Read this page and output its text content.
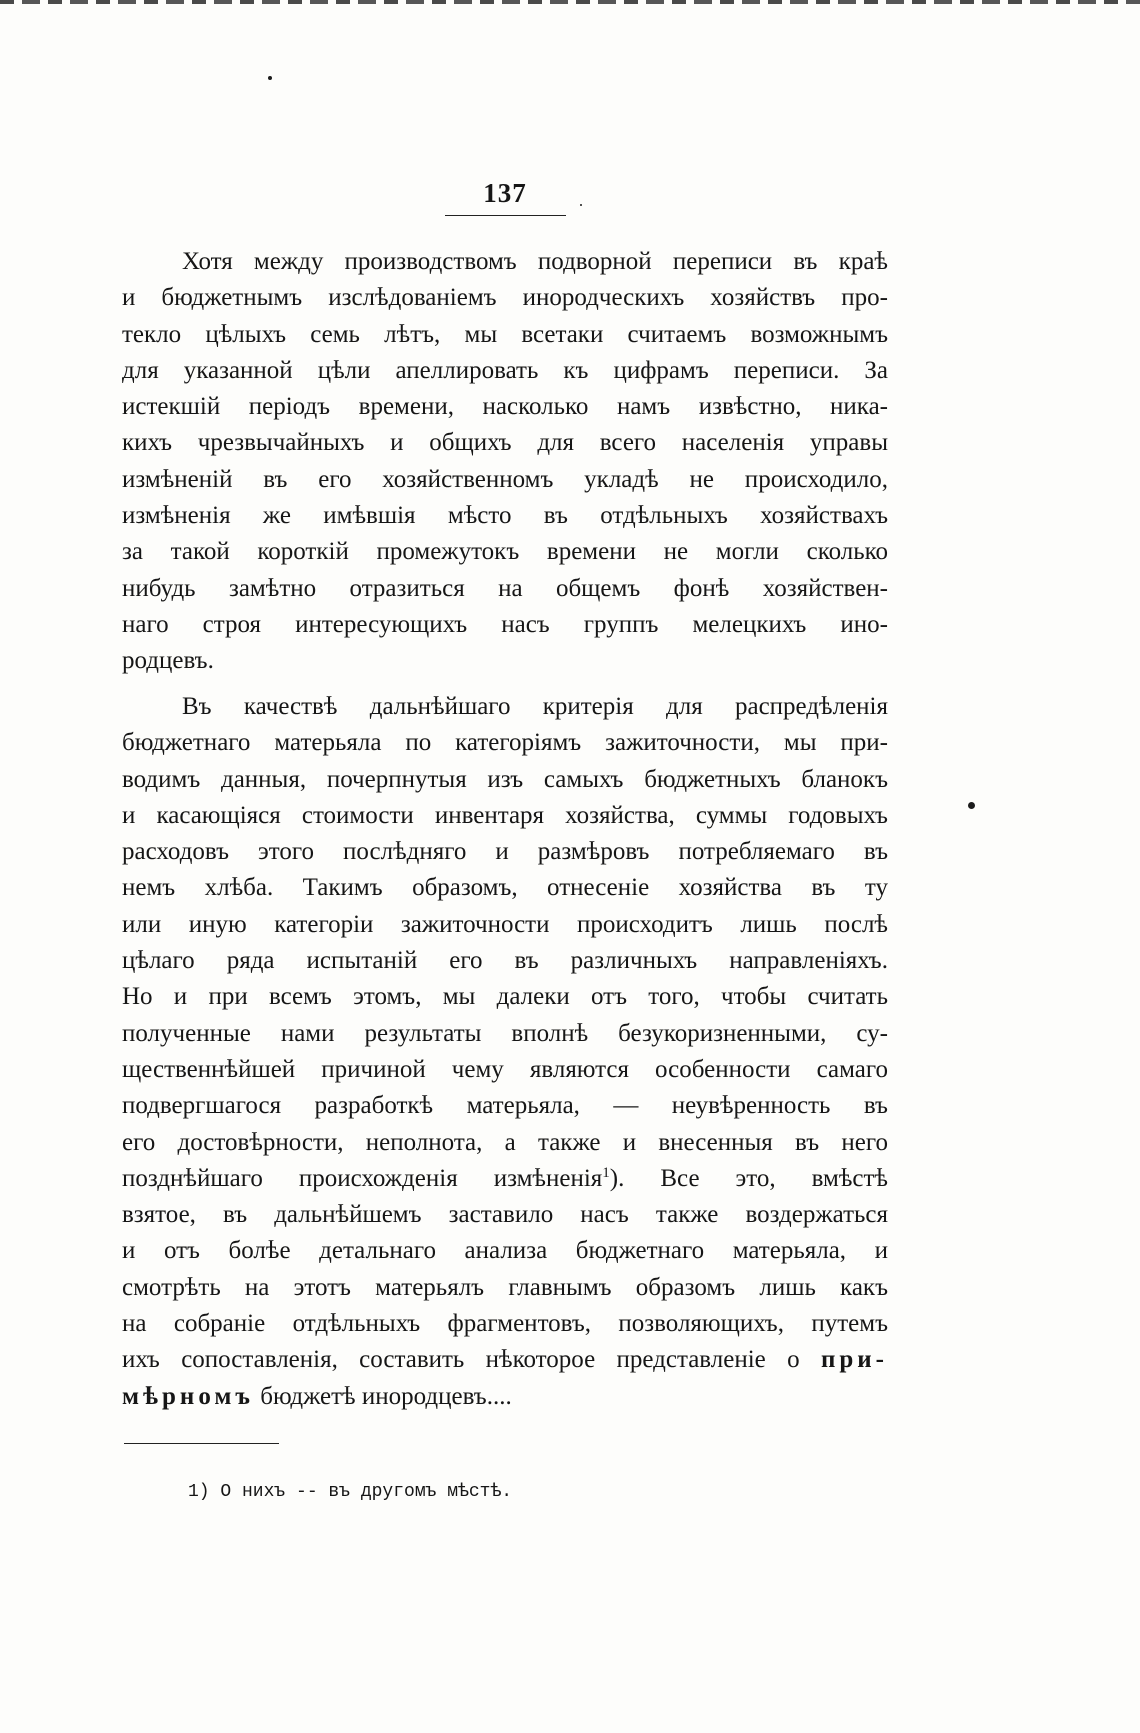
137
Хотя между производствомъ подворной переписи въ краѣ
и бюджетнымъ изслѣдованіемъ инородческихъ хозяйствъ про-
текло цѣлыхъ семь лѣтъ, мы всетаки считаемъ возможнымъ
для указанной цѣли апеллировать къ цифрамъ переписи. За
истекшій періодъ времени, насколько намъ извѣстно, ника-
кихъ чрезвычайныхъ и общихъ для всего населенія управы
измѣненій въ его хозяйственномъ укладѣ не происходило,
измѣненія же имѣвшія мѣсто въ отдѣльныхъ хозяйствахъ
за такой короткій промежутокъ времени не могли сколько
нибудь замѣтно отразиться на общемъ фонѣ хозяйствен-
наго строя интересующихъ насъ группъ мелецкихъ ино-
родцевъ.
Въ качествѣ дальнѣйшаго критерія для распредѣленія
бюджетнаго матерьяла по категоріямъ зажиточности, мы при-
водимъ данныя, почерпнутыя изъ самыхъ бюджетныхъ бланокъ
и касающіяся стоимости инвентаря хозяйства, суммы годовыхъ
расходовъ этого послѣдняго и размѣровъ потребляемаго въ
немъ хлѣба. Такимъ образомъ, отнесеніе хозяйства въ ту
или иную категоріи зажиточности происходитъ лишь послѣ
цѣлаго ряда испытаній его въ различныхъ направленіяхъ.
Но и при всемъ этомъ, мы далеки отъ того, чтобы считать
полученные нами результаты вполнѣ безукоризненными, су-
щественнѣйшей причиной чему являются особенности самаго
подвергшагося разработкѣ матерьяла, — неувѣренность въ
его достовѣрности, неполнота, а также и внесенныя въ него
позднѣйшаго происхожденія измѣненія$^1$). Все это, вмѣстѣ
взятое, въ дальнѣйшемъ заставило насъ также воздержаться
и отъ болѣе детальнаго анализа бюджетнаго матерьяла, и
смотрѣть на этотъ матерьялъ главнымъ образомъ лишь какъ
на собраніе отдѣльныхъ фрагментовъ, позволяющихъ, путемъ
ихъ сопоставленія, составить нѣкоторое представленіе о при-
мѣрномъ бюджетѣ инородцевъ....
1) О нихъ -- въ другомъ мѣстѣ.
